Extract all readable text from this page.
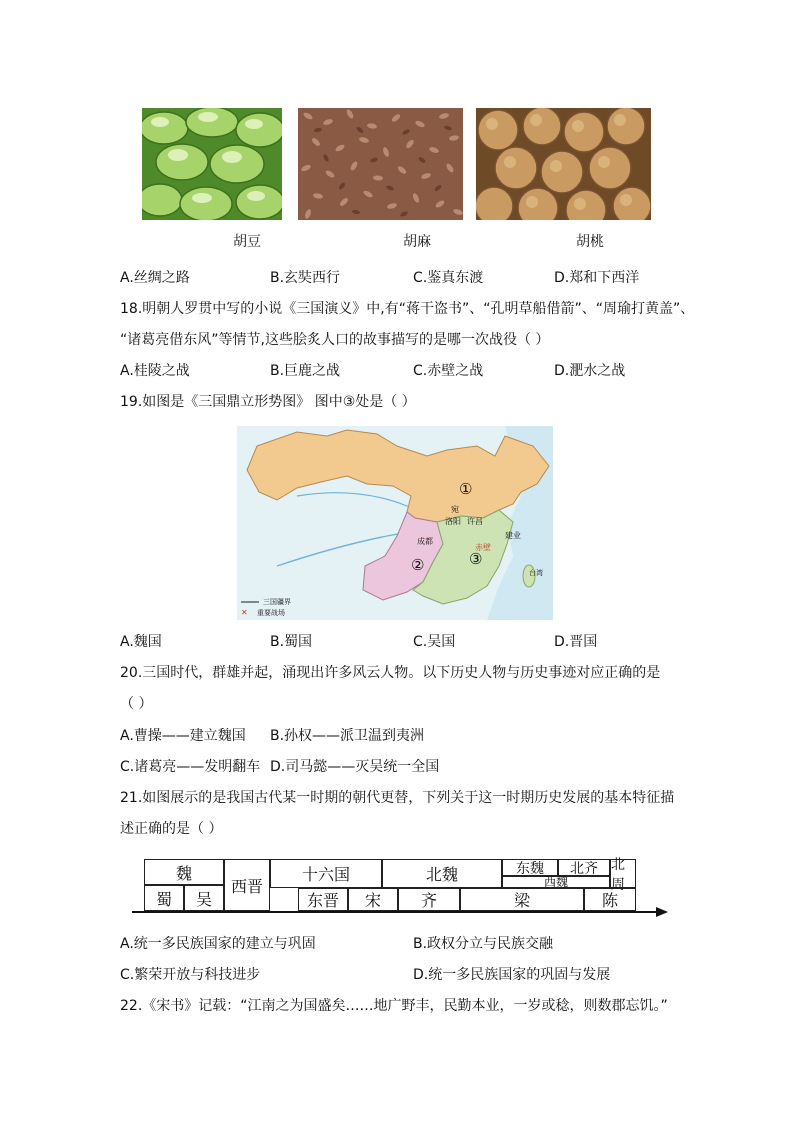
胡豆	胡麻	胡桃
A.丝绸之路	B.玄奘西行	C.鉴真东渡	D.郑和下西洋
18.明朝人罗贯中写的小说《三国演义》中,有“蒋干盗书”、“孔明草船借箭”、“周瑜打黄盖”、
“诸葛亮借东风”等情节,这些脍炙人口的故事描写的是哪一次战役（ ）
A.桂陵之战	B.巨鹿之战	C.赤壁之战	D.淝水之战
19.如图是《三国鼎立形势图》 图中③处是（ ）
✕
①
②	③
宛
洛阳 许昌
成都
建业
赤壁
台湾
三国疆界
重要战场
A.魏国	B.蜀国	C.吴国	D.晋国
20.三国时代，群雄并起，涌现出许多风云人物。以下历史人物与历史事迹对应正确的是
（ ）
A.曹操——建立魏国 B.孙权——派卫温到夷洲
C.诸葛亮——发明翻车 D.司马懿——灭吴统一全国
21.如图展示的是我国古代某一时期的朝代更替，下列关于这一时期历史发展的基本特征描
述正确的是（ ）
魏
蜀	吴
西晋
十六国	北魏	东魏	北齐 北周
西魏
东晋	宋	齐	梁	陈
A.统一多民族国家的建立与巩固	B.政权分立与民族交融
C.繁荣开放与科技进步	D.统一多民族国家的巩固与发展
22.《宋书》记载：“江南之为国盛矣……地广野丰，民勤本业，一岁或稔，则数郡忘饥。”
